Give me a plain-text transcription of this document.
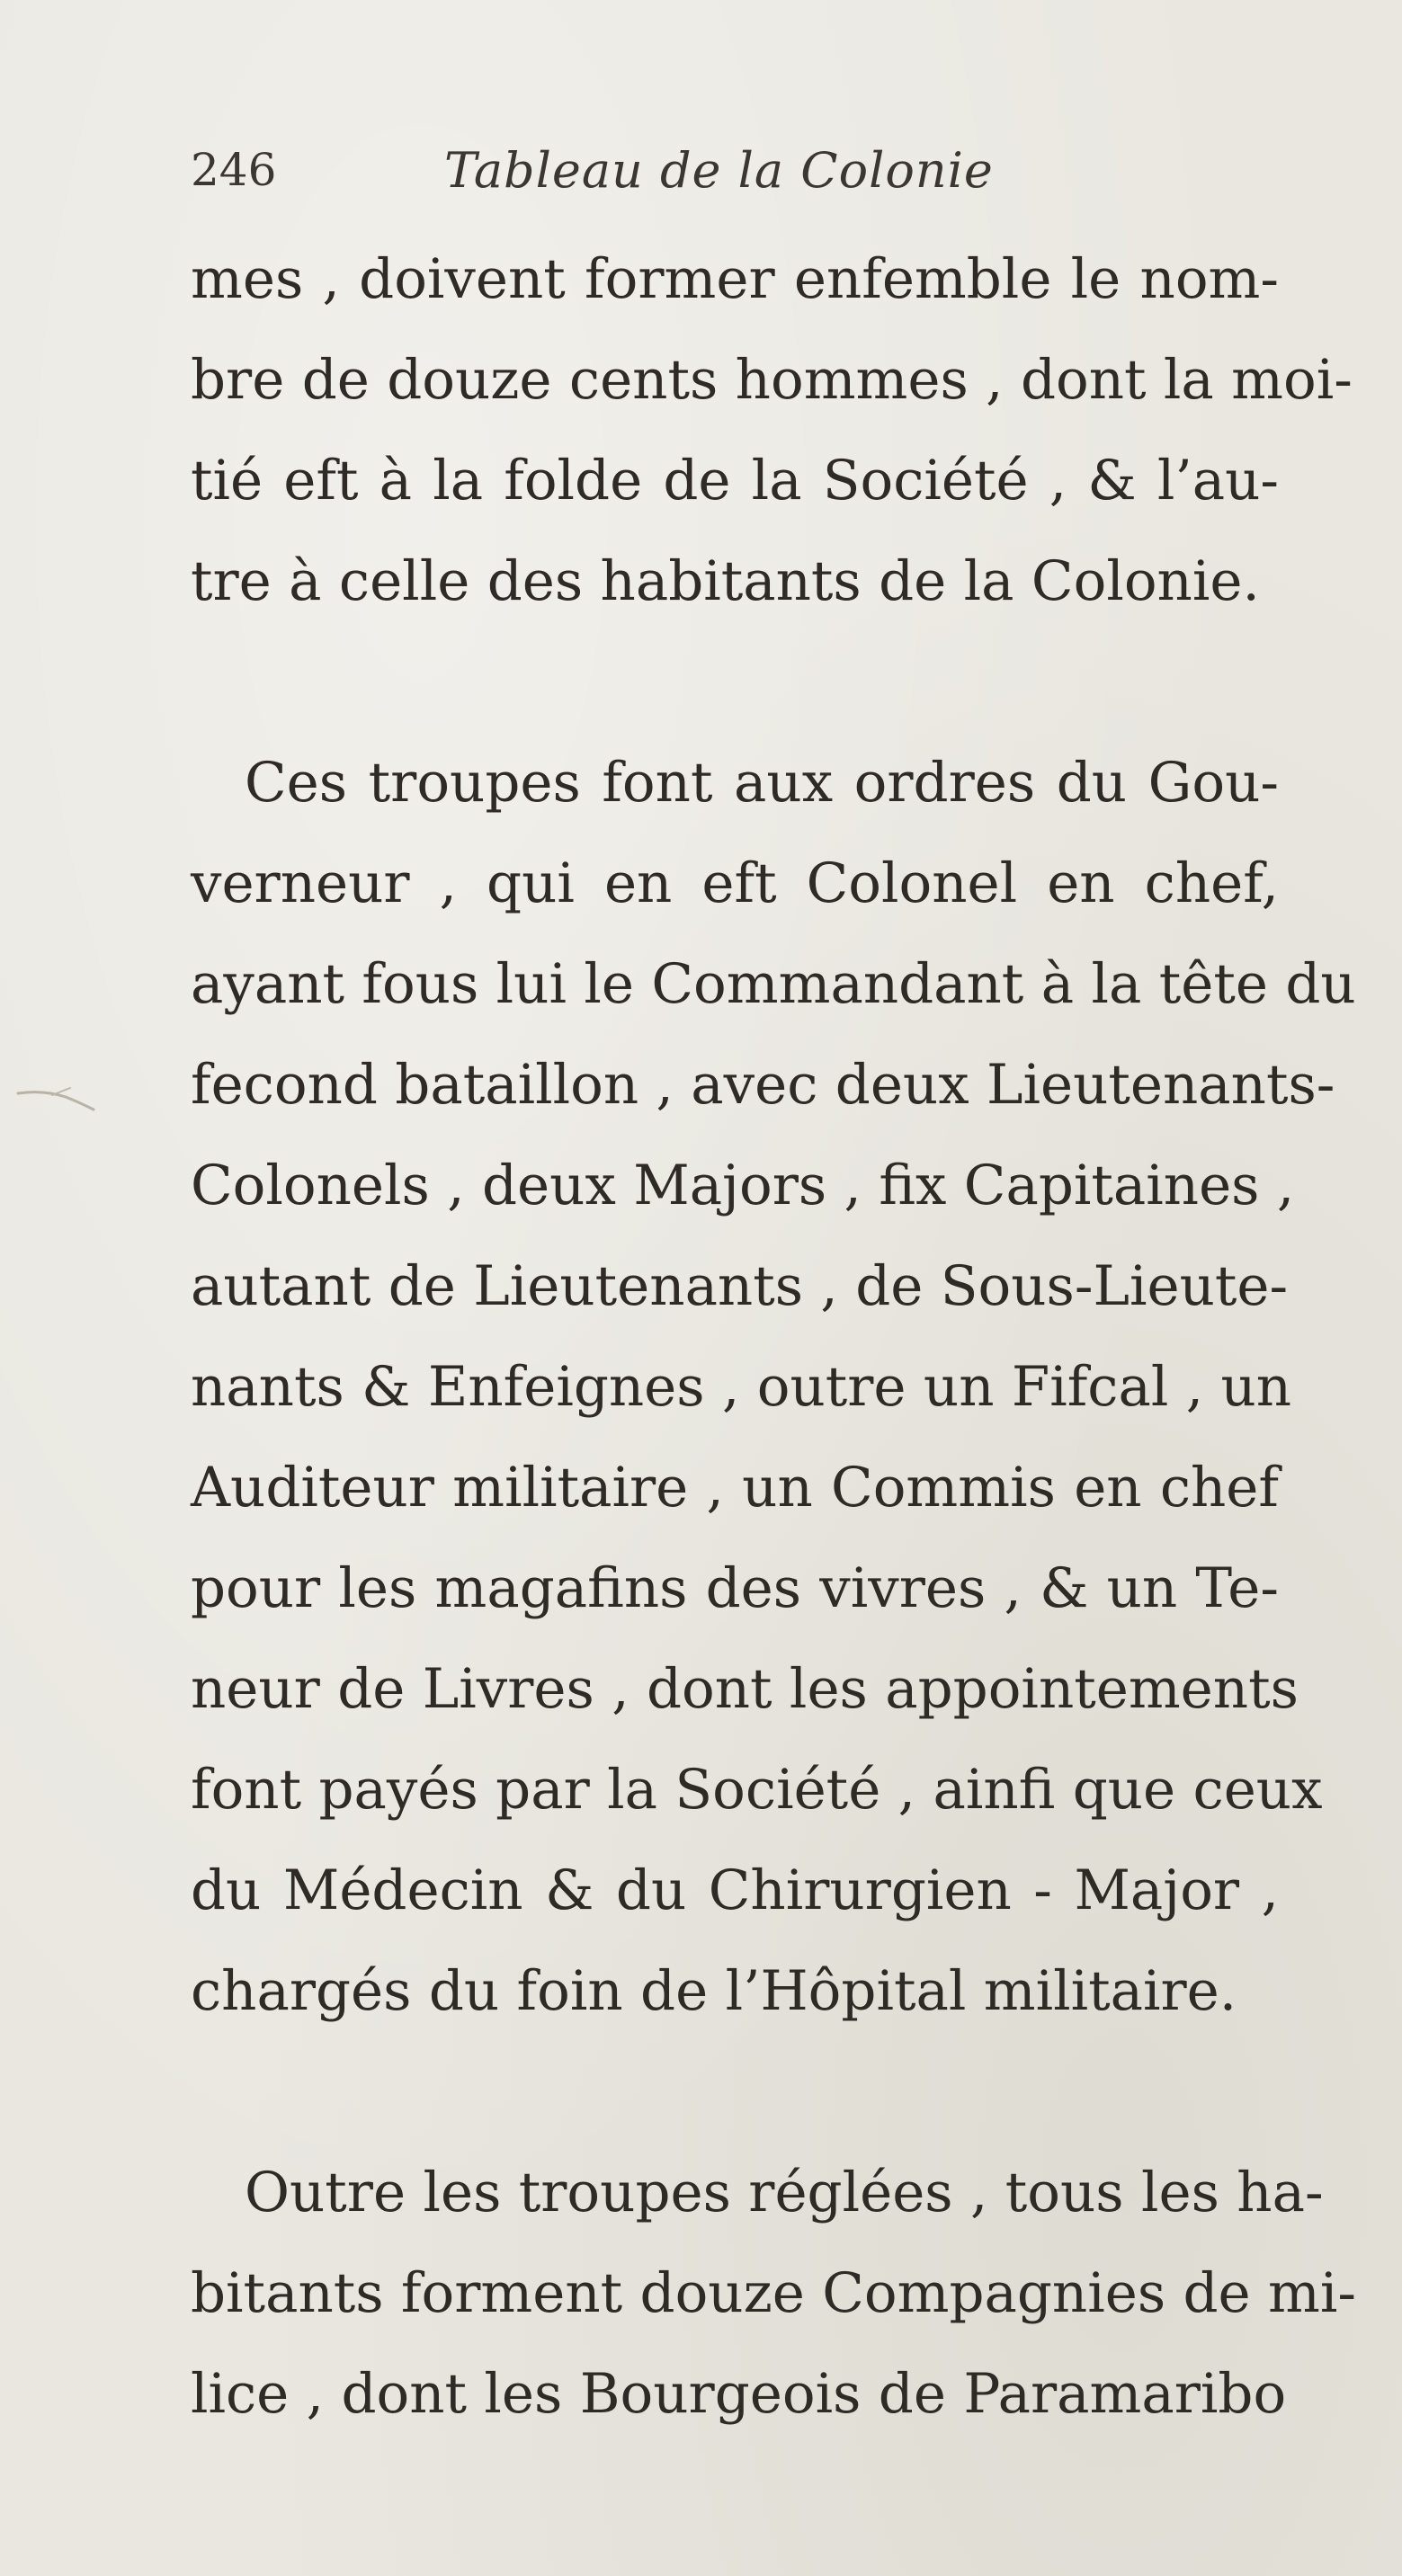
246	Tableau de la Colonie
mes , doivent former enfemble le nom-
bre de douze cents hommes , dont la moi-
tié eft à la folde de la Société , & l’au-
tre à celle des habitants de la Colonie.
Ces troupes font aux ordres du Gou-
verneur , qui en eft Colonel en chef,
ayant fous lui le Commandant à la tête du
fecond bataillon , avec deux Lieutenants-
Colonels , deux Majors , fix Capitaines ,
autant de Lieutenants , de Sous-Lieute-
nants & Enfeignes , outre un Fifcal , un
Auditeur militaire , un Commis en chef
pour les magafins des vivres , & un Te-
neur de Livres , dont les appointements
font payés par la Société , ainfi que ceux
du Médecin & du Chirurgien - Major ,
chargés du foin de l’Hôpital militaire.
Outre les troupes réglées , tous les ha-
bitants forment douze Compagnies de mi-
lice , dont les Bourgeois de Paramaribo
